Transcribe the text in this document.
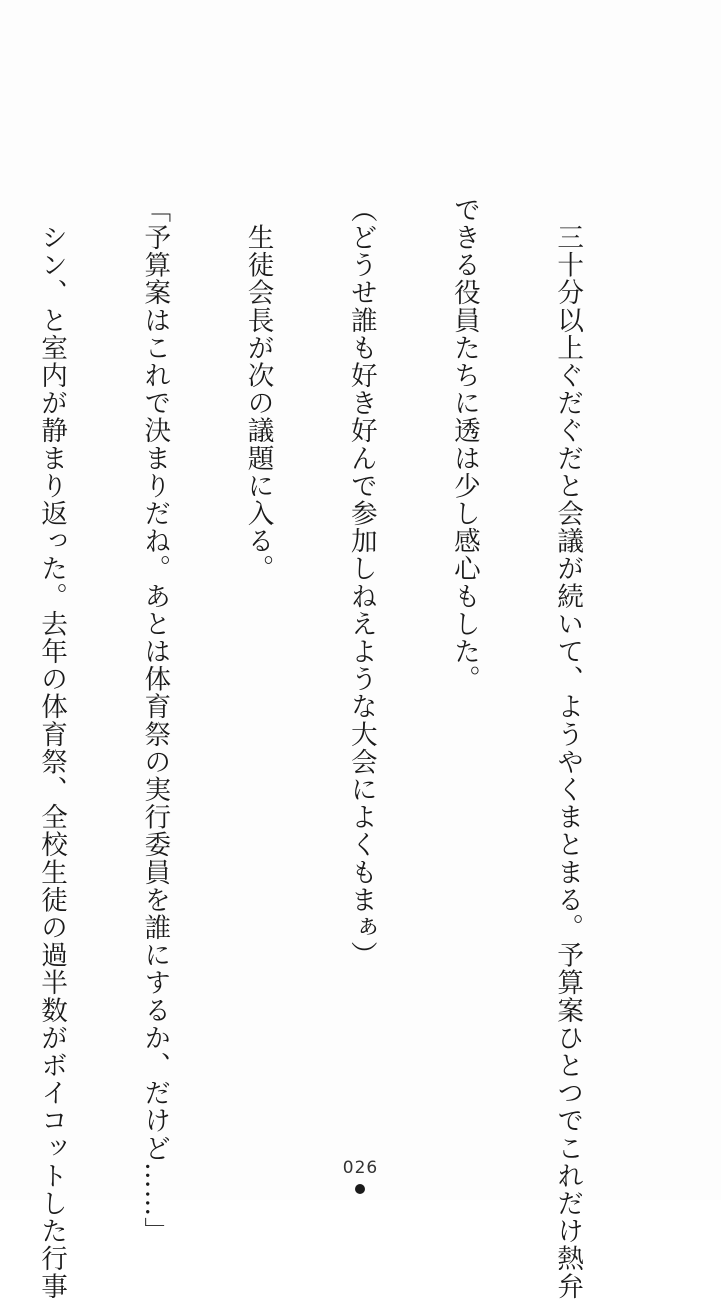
　三十分以上ぐだぐだと会議が続いて、ようやくまとまる。予算案ひとつでこれだけ熱弁

できる役員たちに透は少し感心もした。

（どうせ誰も好き好んで参加しねえような大会によくもまぁ）

　生徒会長が次の議題に入る。

「予算案はこれで決まりだね。あとは体育祭の実行委員を誰にするか、だけど……」

　シン、と室内が静まり返った。去年の体育祭、全校生徒の過半数がボイコットした行事

	026
